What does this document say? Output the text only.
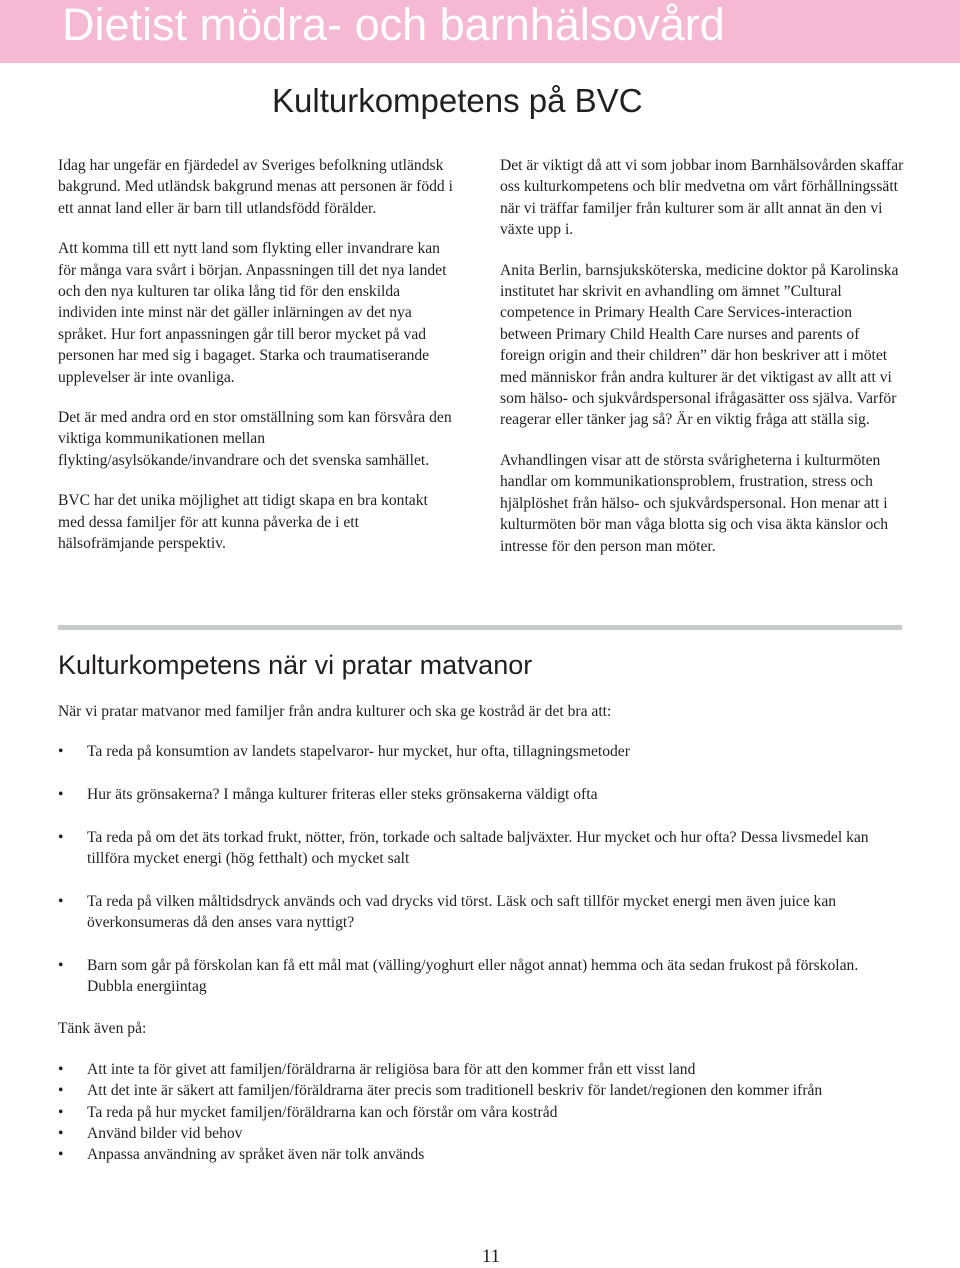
Dietist mödra- och barnhälsovård
Kulturkompetens på BVC

Idag har ungefär en fjärdedel av Sveriges befolkning utländsk bakgrund. Med utländsk bakgrund menas att personen är född i ett annat land eller är barn till utlandsfödd förälder.

Att komma till ett nytt land som flykting eller invandrare kan för många vara svårt i början. Anpassningen till det nya landet och den nya kulturen tar olika lång tid för den enskilda individen inte minst när det gäller inlärningen av det nya språket. Hur fort anpassningen går till beror mycket på vad personen har med sig i bagaget. Starka och traumatiserande upplevelser är inte ovanliga.

Det är med andra ord en stor omställning som kan försvåra den viktiga kommunikationen mellan flykting/asylsökande/invandrare och det svenska samhället.

BVC har det unika möjlighet att tidigt skapa en bra kontakt med dessa familjer för att kunna påverka de i ett hälsofrämjande perspektiv.

Det är viktigt då att vi som jobbar inom Barnhälsovården skaffar oss kulturkompetens och blir medvetna om vårt förhållningssätt när vi träffar familjer från kulturer som är allt annat än den vi växte upp i.

Anita Berlin, barnsjuksköterska, medicine doktor på Karolinska institutet har skrivit en avhandling om ämnet ”Cultural competence in Primary Health Care Services-interaction between Primary Child Health Care nurses and parents of foreign origin and their children” där hon beskriver att i mötet med människor från andra kulturer är det viktigast av allt att vi som hälso- och sjukvårdspersonal ifrågasätter oss själva. Varför reagerar eller tänker jag så? Är en viktig fråga att ställa sig.

Avhandlingen visar att de största svårigheterna i kulturmöten handlar om kommunikationsproblem, frustration, stress och hjälplöshet från hälso- och sjukvårdspersonal. Hon menar att i kulturmöten bör man våga blotta sig och visa äkta känslor och intresse för den person man möter.

Kulturkompetens när vi pratar matvanor

När vi pratar matvanor med familjer från andra kulturer och ska ge kostråd är det bra att:

• Ta reda på konsumtion av landets stapelvaror- hur mycket, hur ofta, tillagningsmetoder
• Hur äts grönsakerna? I många kulturer friteras eller steks grönsakerna väldigt ofta
• Ta reda på om det äts torkad frukt, nötter, frön, torkade och saltade baljväxter. Hur mycket och hur ofta? Dessa livsmedel kan tillföra mycket energi (hög fetthalt) och mycket salt
• Ta reda på vilken måltidsdryck används och vad drycks vid törst. Läsk och saft tillför mycket energi men även juice kan överkonsumeras då den anses vara nyttigt?
• Barn som går på förskolan kan få ett mål mat (välling/yoghurt eller något annat) hemma och äta sedan frukost på förskolan. Dubbla energiintag

Tänk även på:

• Att inte ta för givet att familjen/föräldrarna är religiösa bara för att den kommer från ett visst land
• Att det inte är säkert att familjen/föräldrarna äter precis som traditionell beskriv för landet/regionen den kommer ifrån
• Ta reda på hur mycket familjen/föräldrarna kan och förstår om våra kostråd
• Använd bilder vid behov
• Anpassa användning av språket även när tolk används

11
